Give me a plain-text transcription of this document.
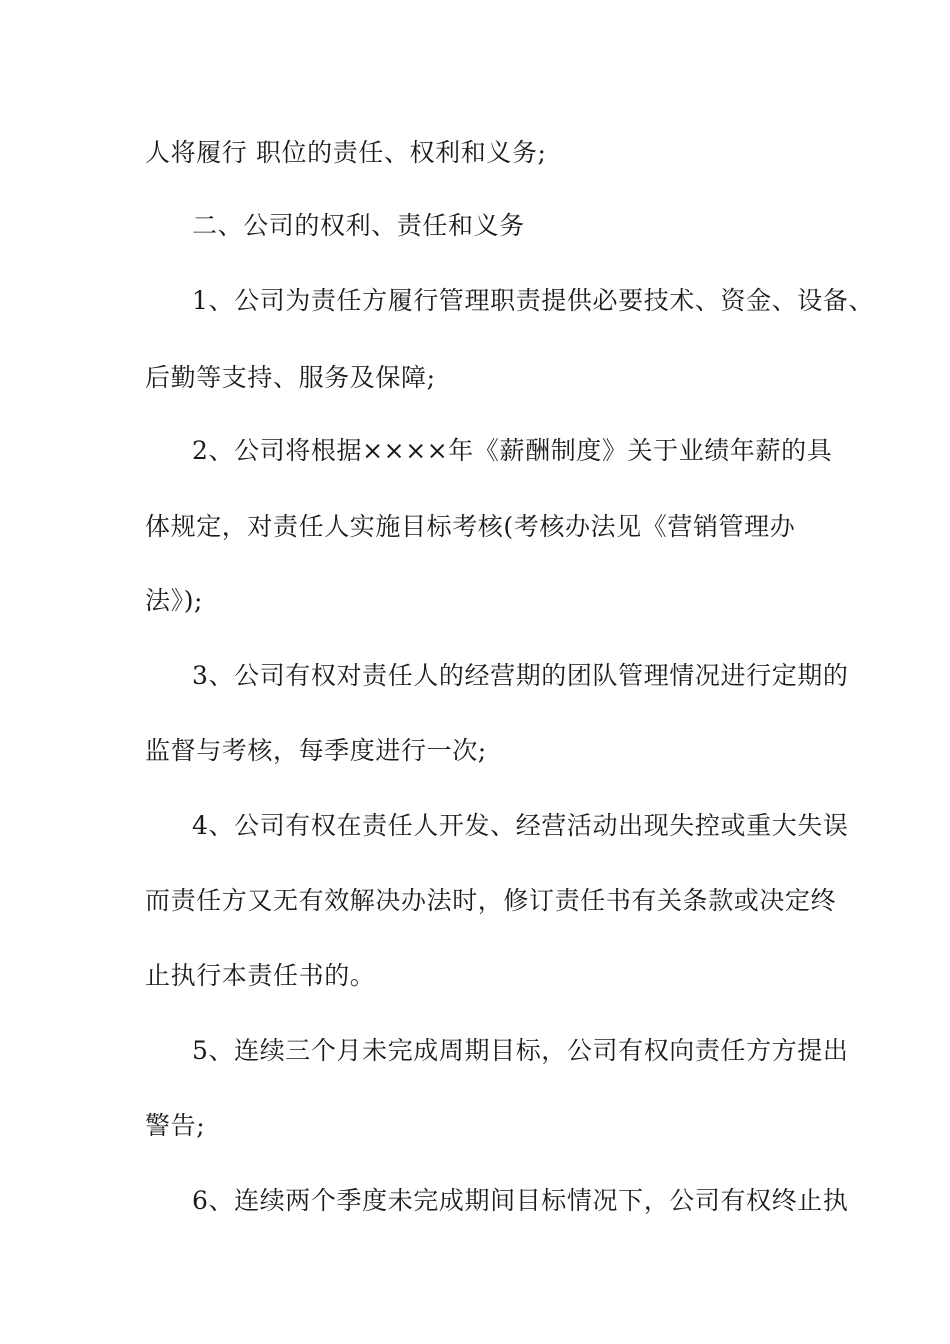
人将履行 职位的责任、权利和义务;
二、公司的权利、责任和义务
1、公司为责任方履行管理职责提供必要技术、资金、设备、
后勤等支持、服务及保障;
2、公司将根据××××年《薪酬制度》关于业绩年薪的具
体规定，对责任人实施目标考核(考核办法见《营销管理办
法》);
3、公司有权对责任人的经营期的团队管理情况进行定期的
监督与考核，每季度进行一次;
4、公司有权在责任人开发、经营活动出现失控或重大失误
而责任方又无有效解决办法时，修订责任书有关条款或决定终
止执行本责任书的。
5、连续三个月未完成周期目标，公司有权向责任方方提出
警告;
6、连续两个季度未完成期间目标情况下，公司有权终止执
